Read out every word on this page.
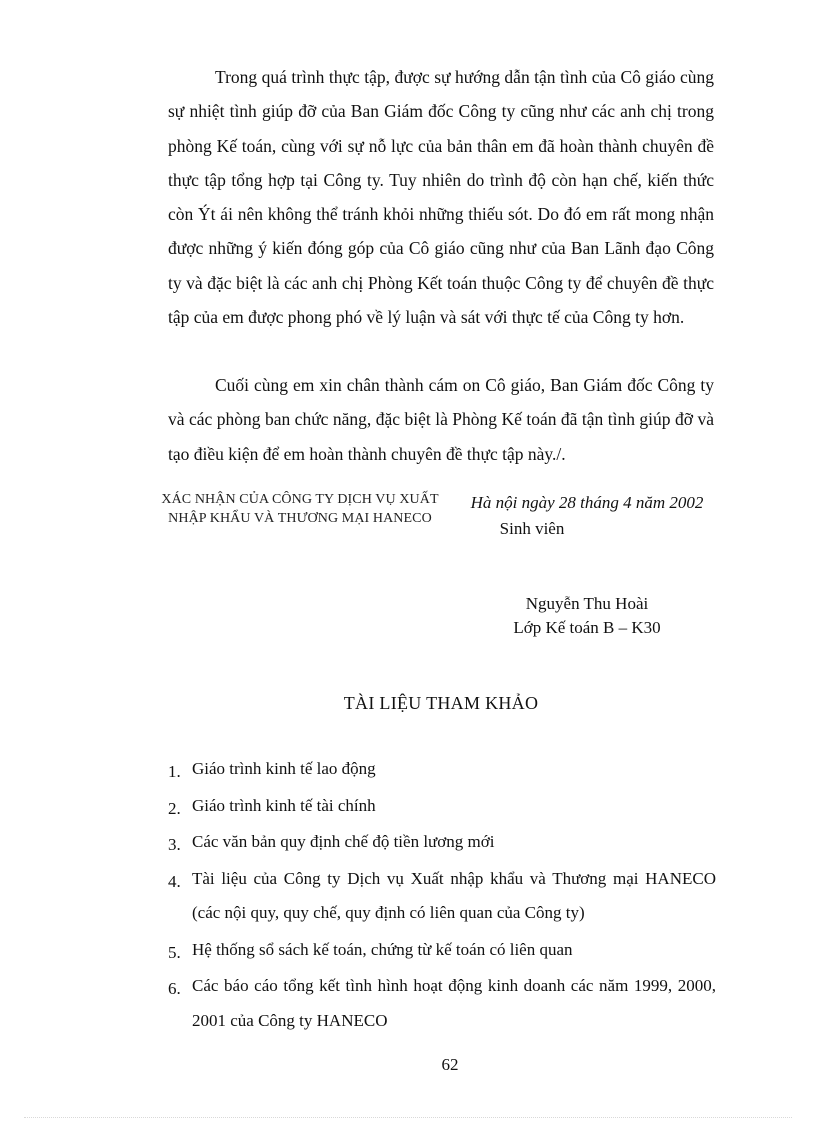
Trong quá trình thực tập, được sự hướng dẫn tận tình của Cô giáo cùng sự nhiệt tình giúp đỡ của Ban Giám đốc Công ty cũng như các anh chị trong phòng Kế toán, cùng với sự nỗ lực của bản thân em đã hoàn thành chuyên đề thực tập tổng hợp tại Công ty. Tuy nhiên do trình độ còn hạn chế, kiến thức còn Ýt ái nên không thể tránh khỏi những thiếu sót. Do đó em rất mong nhận được những ý kiến đóng góp của Cô giáo cũng như của Ban Lãnh đạo Công ty và đặc biệt là các anh chị Phòng Kết toán thuộc Công ty để chuyên đề thực tập của em được phong phó về lý luận và sát với thực tế của Công ty hơn.

Cuối cùng em xin chân thành cám on Cô giáo, Ban Giám đốc Công ty và các phòng ban chức năng, đặc biệt là Phòng Kế toán đã tận tình giúp đỡ và tạo điều kiện để em hoàn thành chuyên đề thực tập này./.

XÁC NHẬN CỦA CÔNG TY DỊCH VỤ XUẤT NHẬP KHẨU VÀ THƯƠNG MẠI HANECO
Hà nội ngày 28 tháng 4 năm 2002
Sinh viên
Nguyễn Thu Hoài
Lớp Kế toán B – K30
TÀI LIỆU THAM KHẢO
1. Giáo trình kinh tế lao động
2. Giáo trình kinh tế tài chính
3. Các văn bản quy định chế độ tiền lương mới
4. Tài liệu của Công ty Dịch vụ Xuất nhập khẩu và Thương mại HANECO (các nội quy, quy chế, quy định có liên quan của Công ty)
5. Hệ thống sổ sách kế toán, chứng từ kế toán có liên quan
6. Các báo cáo tổng kết tình hình hoạt động kinh doanh các năm 1999, 2000, 2001 của Công ty HANECO
62
